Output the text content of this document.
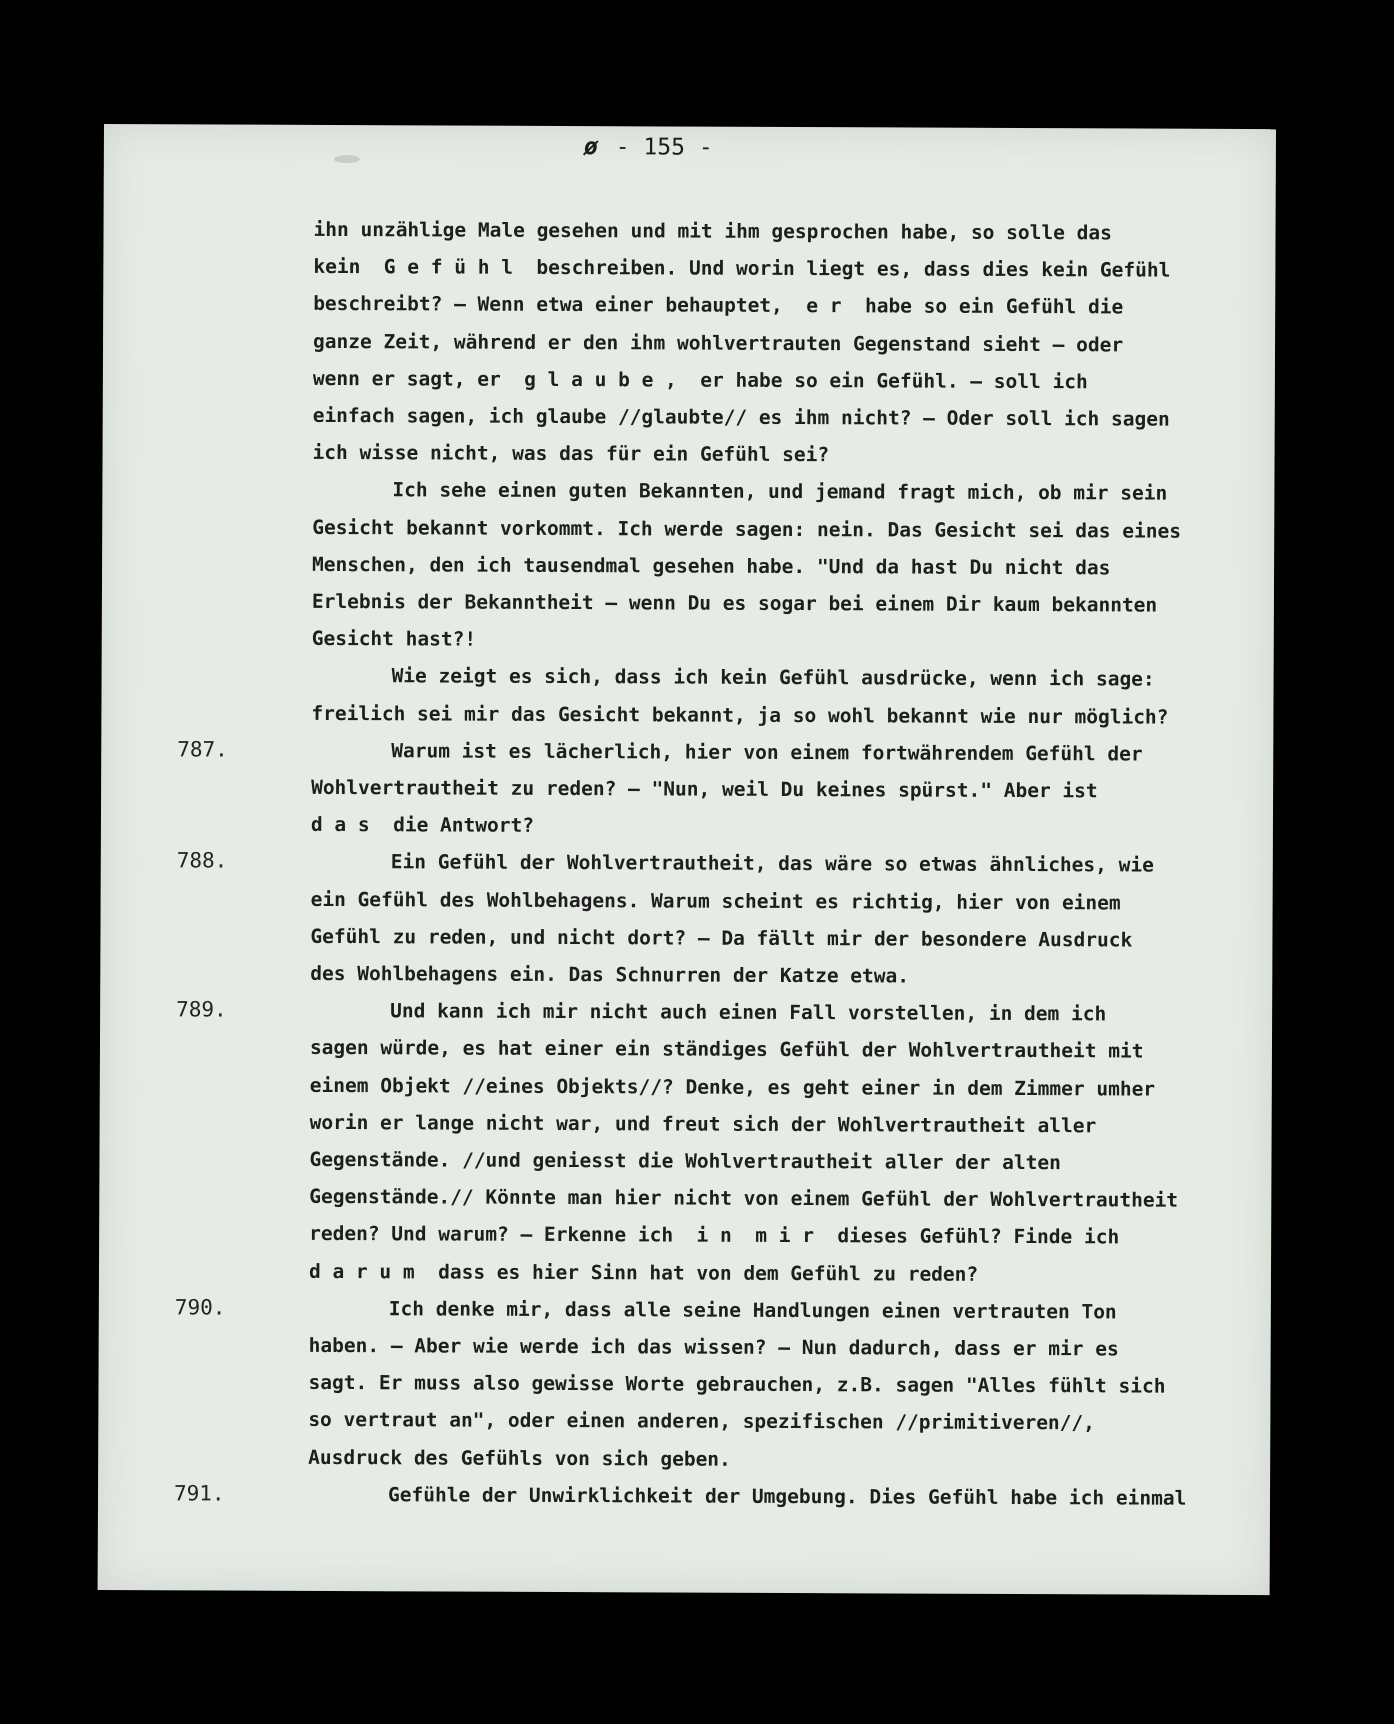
ø - 155 -
ihn unzählige Male gesehen und mit ihm gesprochen habe, so solle das
kein  G e f ü h l  beschreiben. Und worin liegt es, dass dies kein Gefühl
beschreibt? – Wenn etwa einer behauptet,  e r  habe so ein Gefühl die
ganze Zeit, während er den ihm wohlvertrauten Gegenstand sieht – oder
wenn er sagt, er  g l a u b e ,  er habe so ein Gefühl. – soll ich
einfach sagen, ich glaube //glaubte// es ihm nicht? – Oder soll ich sagen
ich wisse nicht, was das für ein Gefühl sei?
Ich sehe einen guten Bekannten, und jemand fragt mich, ob mir sein
Gesicht bekannt vorkommt. Ich werde sagen: nein. Das Gesicht sei das eines
Menschen, den ich tausendmal gesehen habe. "Und da hast Du nicht das
Erlebnis der Bekanntheit – wenn Du es sogar bei einem Dir kaum bekannten
Gesicht hast?!
Wie zeigt es sich, dass ich kein Gefühl ausdrücke, wenn ich sage:
freilich sei mir das Gesicht bekannt, ja so wohl bekannt wie nur möglich?
787.	Warum ist es lächerlich, hier von einem fortwährendem Gefühl der
Wohlvertrautheit zu reden? – "Nun, weil Du keines spürst." Aber ist
d a s  die Antwort?
788.	Ein Gefühl der Wohlvertrautheit, das wäre so etwas ähnliches, wie
ein Gefühl des Wohlbehagens. Warum scheint es richtig, hier von einem
Gefühl zu reden, und nicht dort? – Da fällt mir der besondere Ausdruck
des Wohlbehagens ein. Das Schnurren der Katze etwa.
789.	Und kann ich mir nicht auch einen Fall vorstellen, in dem ich
sagen würde, es hat einer ein ständiges Gefühl der Wohlvertrautheit mit
einem Objekt //eines Objekts//? Denke, es geht einer in dem Zimmer umher
worin er lange nicht war, und freut sich der Wohlvertrautheit aller
Gegenstände. //und geniesst die Wohlvertrautheit aller der alten
Gegenstände.// Könnte man hier nicht von einem Gefühl der Wohlvertrautheit
reden? Und warum? – Erkenne ich  i n  m i r  dieses Gefühl? Finde ich
d a r u m  dass es hier Sinn hat von dem Gefühl zu reden?
790.	Ich denke mir, dass alle seine Handlungen einen vertrauten Ton
haben. – Aber wie werde ich das wissen? – Nun dadurch, dass er mir es
sagt. Er muss also gewisse Worte gebrauchen, z.B. sagen "Alles fühlt sich
so vertraut an", oder einen anderen, spezifischen //primitiveren//,
Ausdruck des Gefühls von sich geben.
791.	Gefühle der Unwirklichkeit der Umgebung. Dies Gefühl habe ich einmal
